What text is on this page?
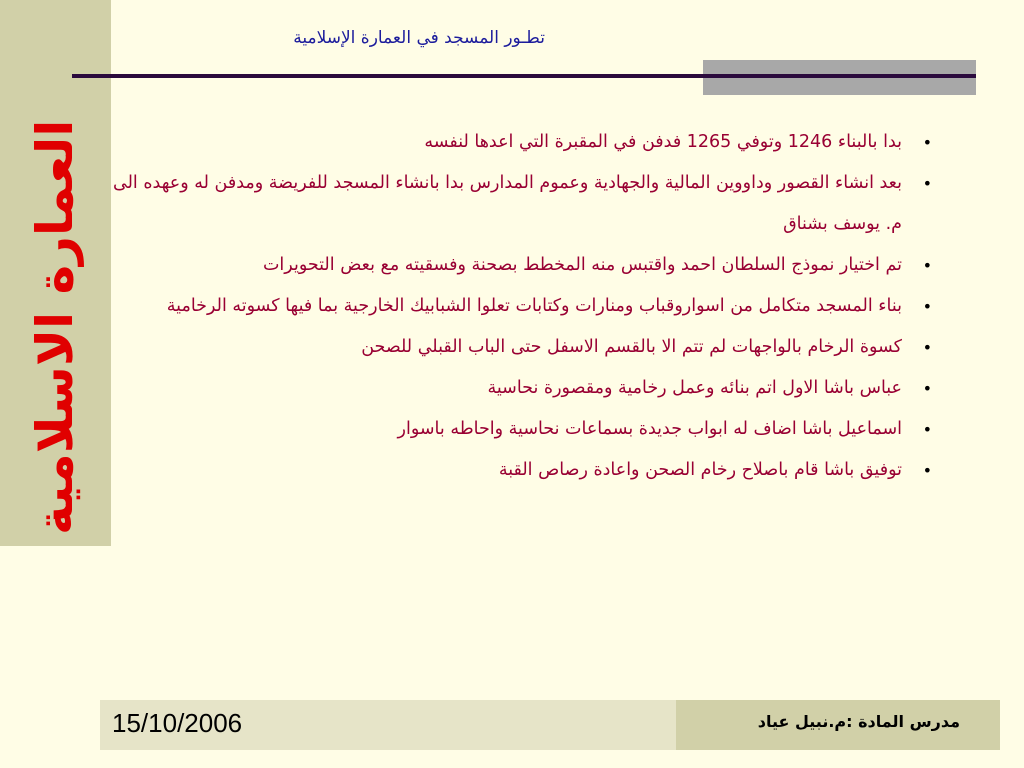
العمارة الاسلامية
تطـور المسجد في العمارة الإسلامية
•
بدا بالبناء 1246 وتوفي 1265 فدفن في المقبرة التي اعدها لنفسه
•
بعد انشاء القصور وداووين المالية والجهادية وعموم المدارس بدا بانشاء المسجد للفريضة ومدفن له وعهده الى م. يوسف بشناق
•
تم اختيار نموذج السلطان احمد واقتبس منه المخطط بصحنة وفسقيته مع بعض التحويرات
•
بناء المسجد متكامل من اسواروقباب ومنارات وكتابات تعلوا الشبابيك الخارجية بما فيها كسوته الرخامية
•
كسوة الرخام بالواجهات لم تتم الا بالقسم الاسفل حتى الباب القبلي للصحن
•
عباس باشا الاول اتم بنائه وعمل رخامية ومقصورة نحاسية
•
اسماعيل باشا اضاف له ابواب جديدة بسماعات نحاسية واحاطه باسوار
•
توفيق باشا قام باصلاح رخام الصحن واعادة رصاص القبة
15/10/2006	مدرس المادة :م.نبيل عياد
